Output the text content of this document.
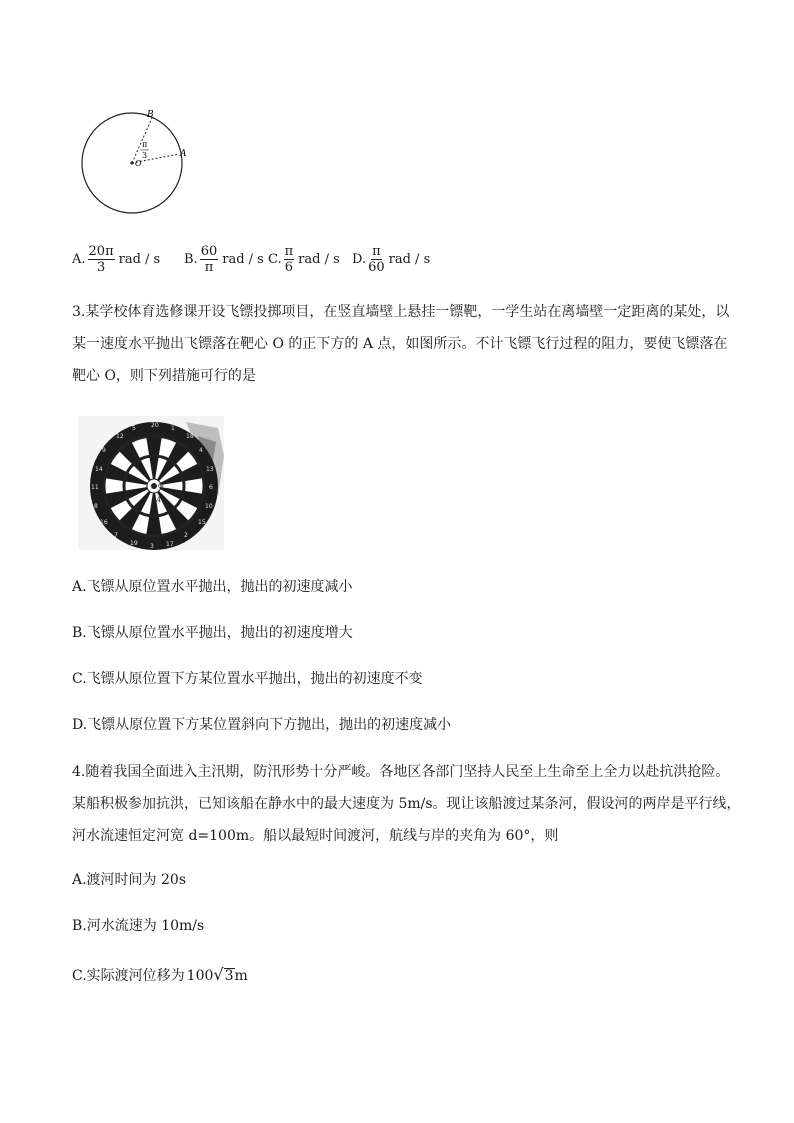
B
A
O
π
3
A. $\frac{20\pi}{3}$ rad / s B. $\frac{60}{\pi}$ rad / s C. $\frac{\pi}{6}$ rad / s D. $\frac{\pi}{60}$ rad / s
3.某学校体育选修课开设飞镖投掷项目，在竖直墙壁上悬挂一镖靶，一学生站在离墙壁一定距离的某处，以
某一速度水平抛出飞镖落在靶心 O 的正下方的 A 点，如图所示。不计飞镖飞行过程的阻力，要使飞镖落在
靶心 O，则下列措施可行的是
20 1
18
4
13
6
10
15
2
17
3
19
7
16
8
11
14
9
12
5
O
A
A.飞镖从原位置水平抛出，抛出的初速度减小
B.飞镖从原位置水平抛出，抛出的初速度增大
C.飞镖从原位置下方某位置水平抛出，抛出的初速度不变
D.飞镖从原位置下方某位置斜向下方抛出，抛出的初速度减小
4.随着我国全面进入主汛期，防汛形势十分严峻。各地区各部门坚持人民至上生命至上全力以赴抗洪抢险。
某船积极参加抗洪，已知该船在静水中的最大速度为 5m/s。现让该船渡过某条河，假设河的两岸是平行线，
河水流速恒定河宽 d=100m。船以最短时间渡河，航线与岸的夹角为 60°，则
A.渡河时间为 20s
B.河水流速为 10m/s
C.实际渡河位移为 100 √ 3 m
